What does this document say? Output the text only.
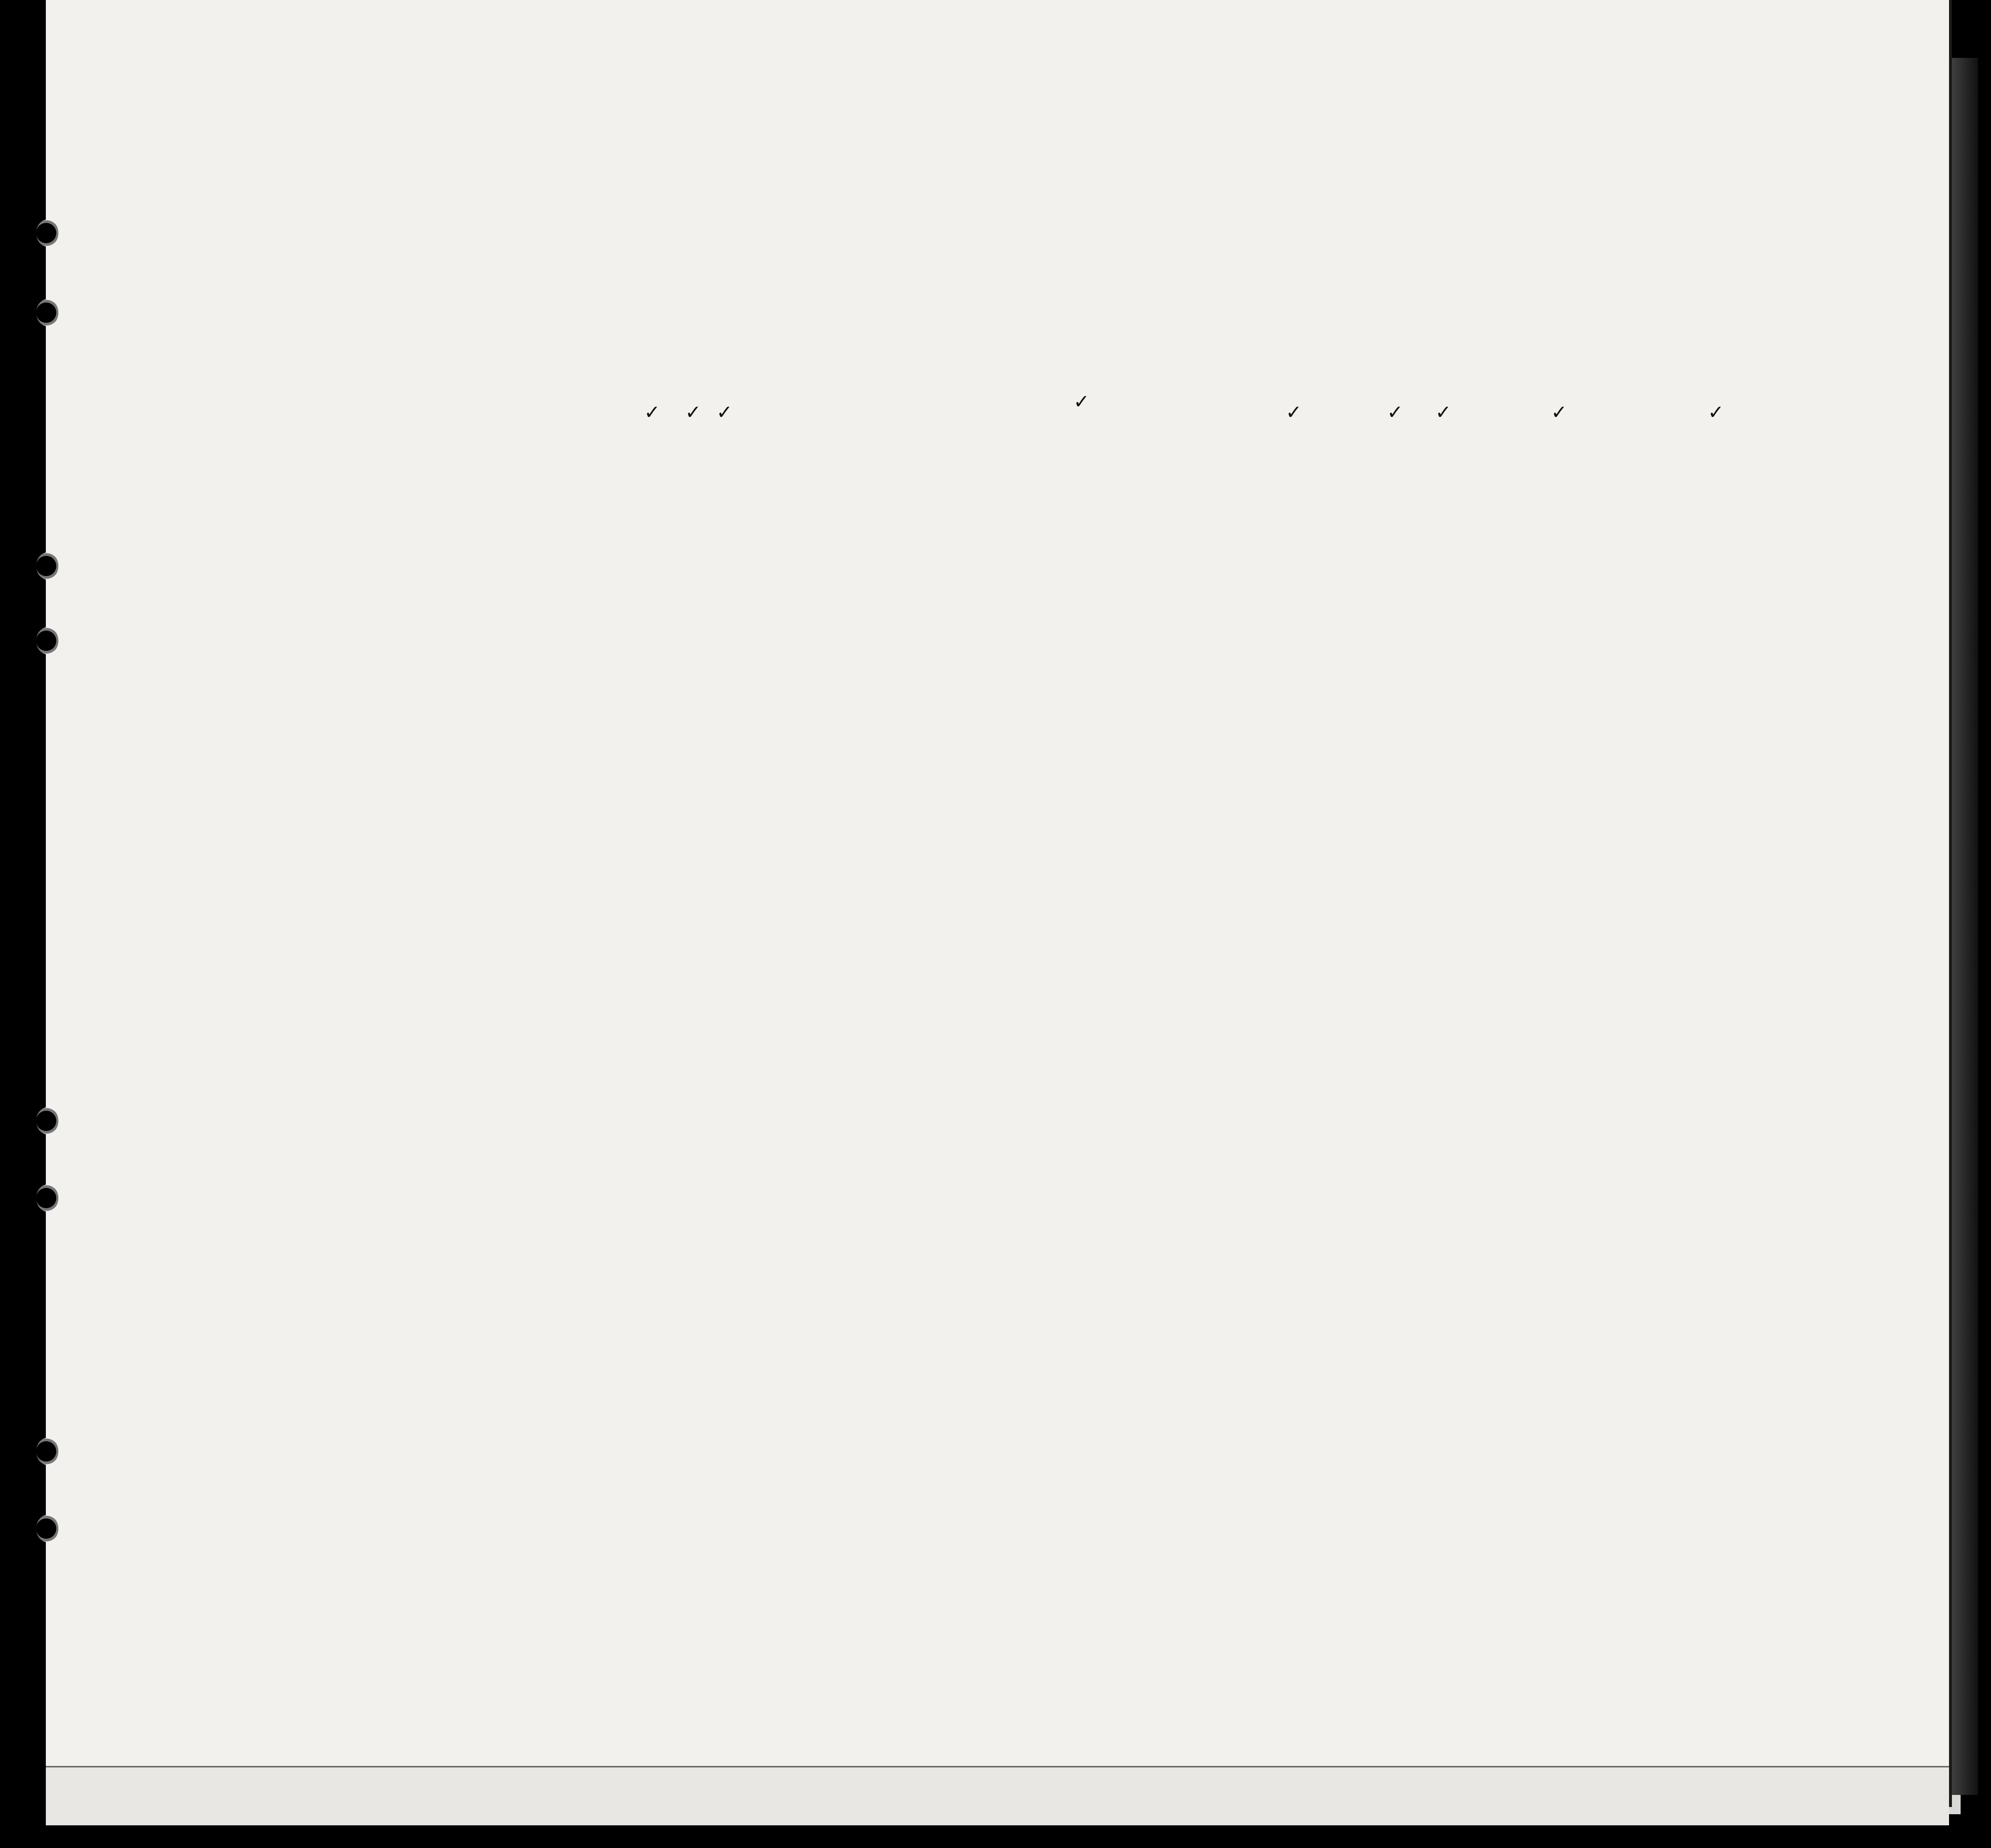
✓ ✓ ✓	✓	✓	✓ ✓	✓	✓
